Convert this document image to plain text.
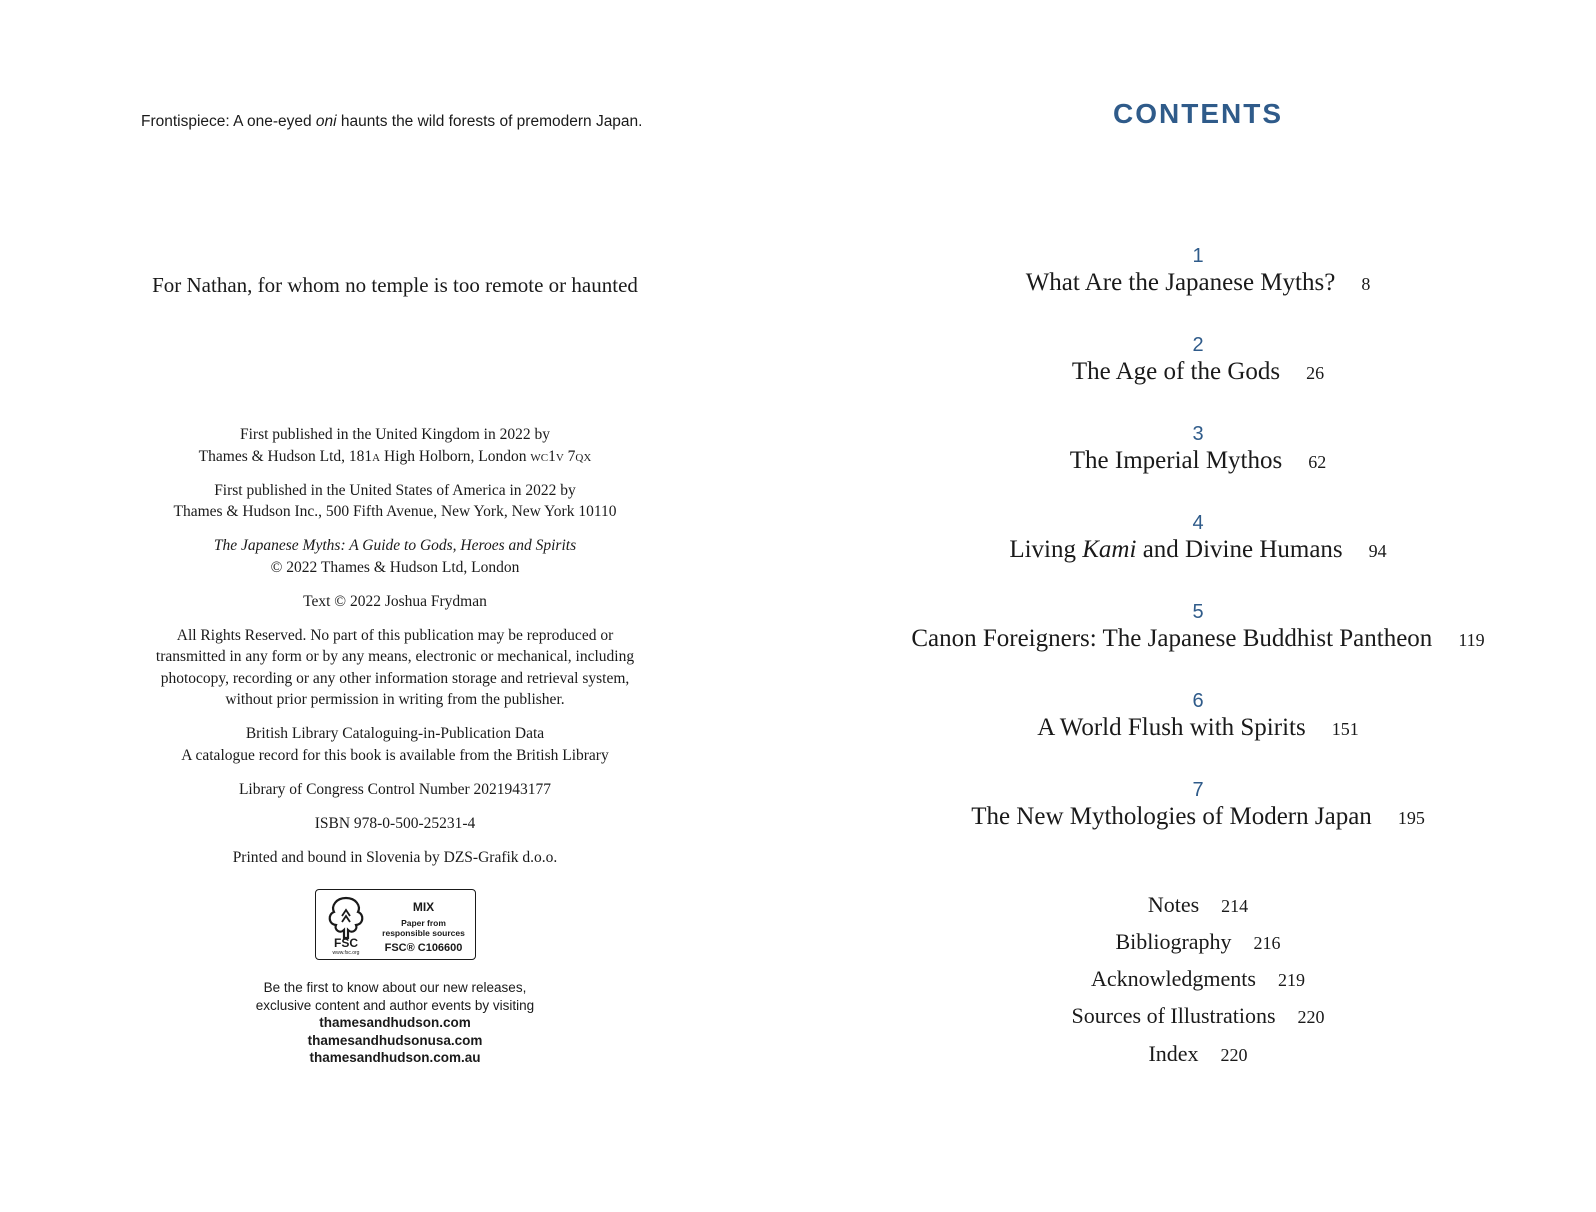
Frontispiece: A one-eyed oni haunts the wild forests of premodern Japan.
For Nathan, for whom no temple is too remote or haunted

First published in the United Kingdom in 2022 by
Thames & Hudson Ltd, 181a High Holborn, London wc1v 7qx

First published in the United States of America in 2022 by
Thames & Hudson Inc., 500 Fifth Avenue, New York, New York 10110

The Japanese Myths: A Guide to Gods, Heroes and Spirits
© 2022 Thames & Hudson Ltd, London

Text © 2022 Joshua Frydman

All Rights Reserved. No part of this publication may be reproduced or
transmitted in any form or by any means, electronic or mechanical, including
photocopy, recording or any other information storage and retrieval system,
without prior permission in writing from the publisher.

British Library Cataloguing-in-Publication Data
A catalogue record for this book is available from the British Library

Library of Congress Control Number 2021943177

ISBN 978-0-500-25231-4

Printed and bound in Slovenia by DZS-Grafik d.o.o.

FSC
www.fsc.org
MIX
Paper from
responsible sources
FSC® C106600
Be the first to know about our new releases,
exclusive content and author events by visiting
thamesandhudson.com
thamesandhudsonusa.com
thamesandhudson.com.au
CONTENTS
1
What Are the Japanese Myths? 8
2
The Age of the Gods 26
3
The Imperial Mythos 62
4
Living Kami and Divine Humans 94
5
Canon Foreigners: The Japanese Buddhist Pantheon 119
6
A World Flush with Spirits 151
7
The New Mythologies of Modern Japan 195
Notes 214
Bibliography 216
Acknowledgments 219
Sources of Illustrations 220
Index 220
